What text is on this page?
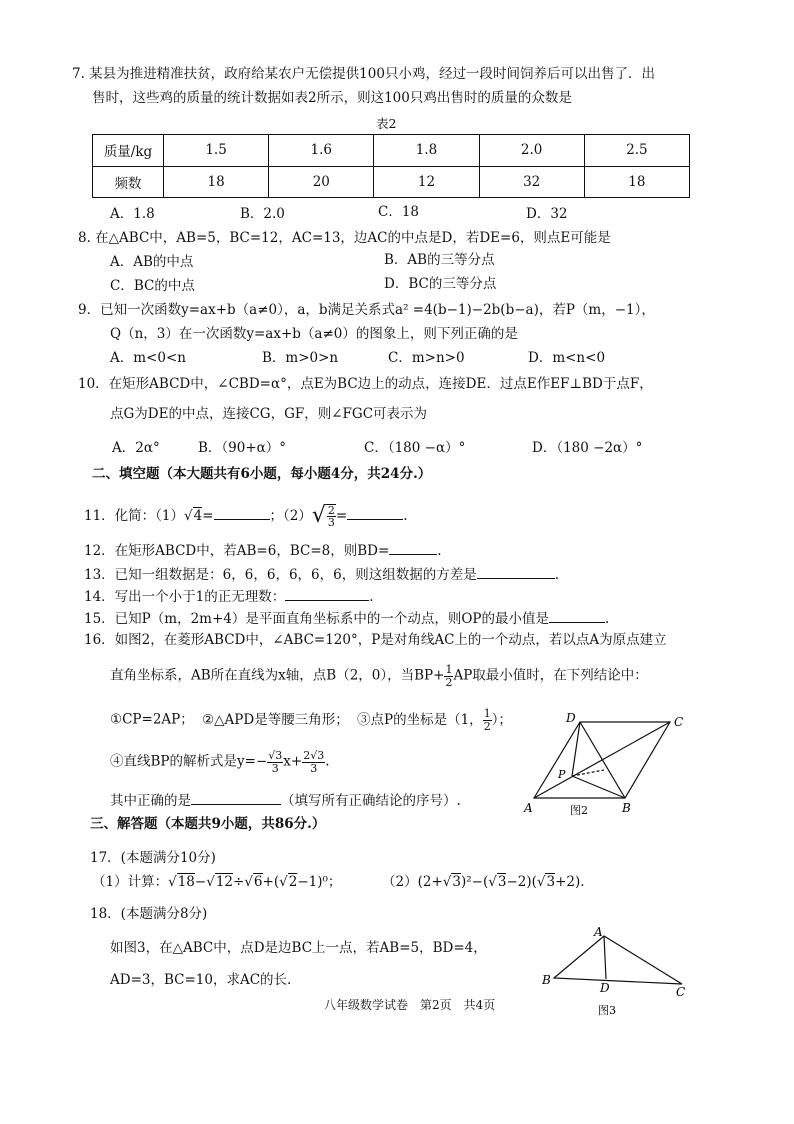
7. 某县为推进精准扶贫，政府给某农户无偿提供100只小鸡，经过一段时间饲养后可以出售了．出
售时，这些鸡的质量的统计数据如表2所示，则这100只鸡出售时的质量的众数是
表2
质量/kg	1.5	1.6	1.8	2.0	2.5
频数	18	20	12	32	18
A．1.8	B．2.0	C．18	D．32
8. 在△ABC中，AB=5，BC=12，AC=13，边AC的中点是D，若DE=6，则点E可能是
A．AB的中点	B．AB的三等分点
C．BC的中点	D．BC的三等分点
9．已知一次函数y=ax+b（a≠0），a，b满足关系式a² =4(b−1)−2b(b−a)，若P（m，−1），
Q（n，3）在一次函数y=ax+b（a≠0）的图象上，则下列正确的是
A．m<0<n	B．m>0>n	C．m>n>0	D．m<n<0
10．在矩形ABCD中，∠CBD=α°，点E为BC边上的动点，连接DE．过点E作EF⊥BD于点F，
点G为DE的中点，连接CG，GF，则∠FGC可表示为
A．2α°	B．（90+α）°	C．（180 −α）°	D．（180 −2α）°
二、填空题（本大题共有6小题，每小题4分，共24分.）
11．化简：（1）√4=	；$(2)√ \frac{2}{3}$ =	.
12．在矩形ABCD中，若AB=6，BC=8，则BD=	.
13．已知一组数据是：6，6，6，6，6，6，则这组数据的方差是	.
14．写出一个小于1的正无理数：	.
15．已知P（m，2m+4）是平面直角坐标系中的一个动点，则OP的最小值是	.
16．如图2，在菱形ABCD中，∠ABC=120°，P是对角线AC上的一个动点，若以点A为原点建立
直角坐标系，AB所在直线为x轴，点B（2，0），当$BP+ \frac{1}{2}$ AP取最小值时，在下列结论中：
①CP=2AP； ②△APD是等腰三角形； ③点P的坐标是（1， $\frac{1}{2}$ ）；
④直线BP的解析式是$y=- \frac{√3}{3} x+ \frac{2√3}{3}$ .
其中正确的是	（填写所有正确结论的序号）.	A	B
C
D
P
图2
三、解答题（本题共9小题，共86分.）
17．(本题满分10分)
（1）计算：√18−√12÷√6+(√2−1)⁰；	（2）(2+√3)²−(√3−2)(√3+2).
18．(本题满分8分)
如图3，在△ABC中，点D是边BC上一点，若AB=5，BD=4，
AD=3，BC=10，求AC的长.
A
B
C
D
图3
八年级数学试卷　第2页　共4页
